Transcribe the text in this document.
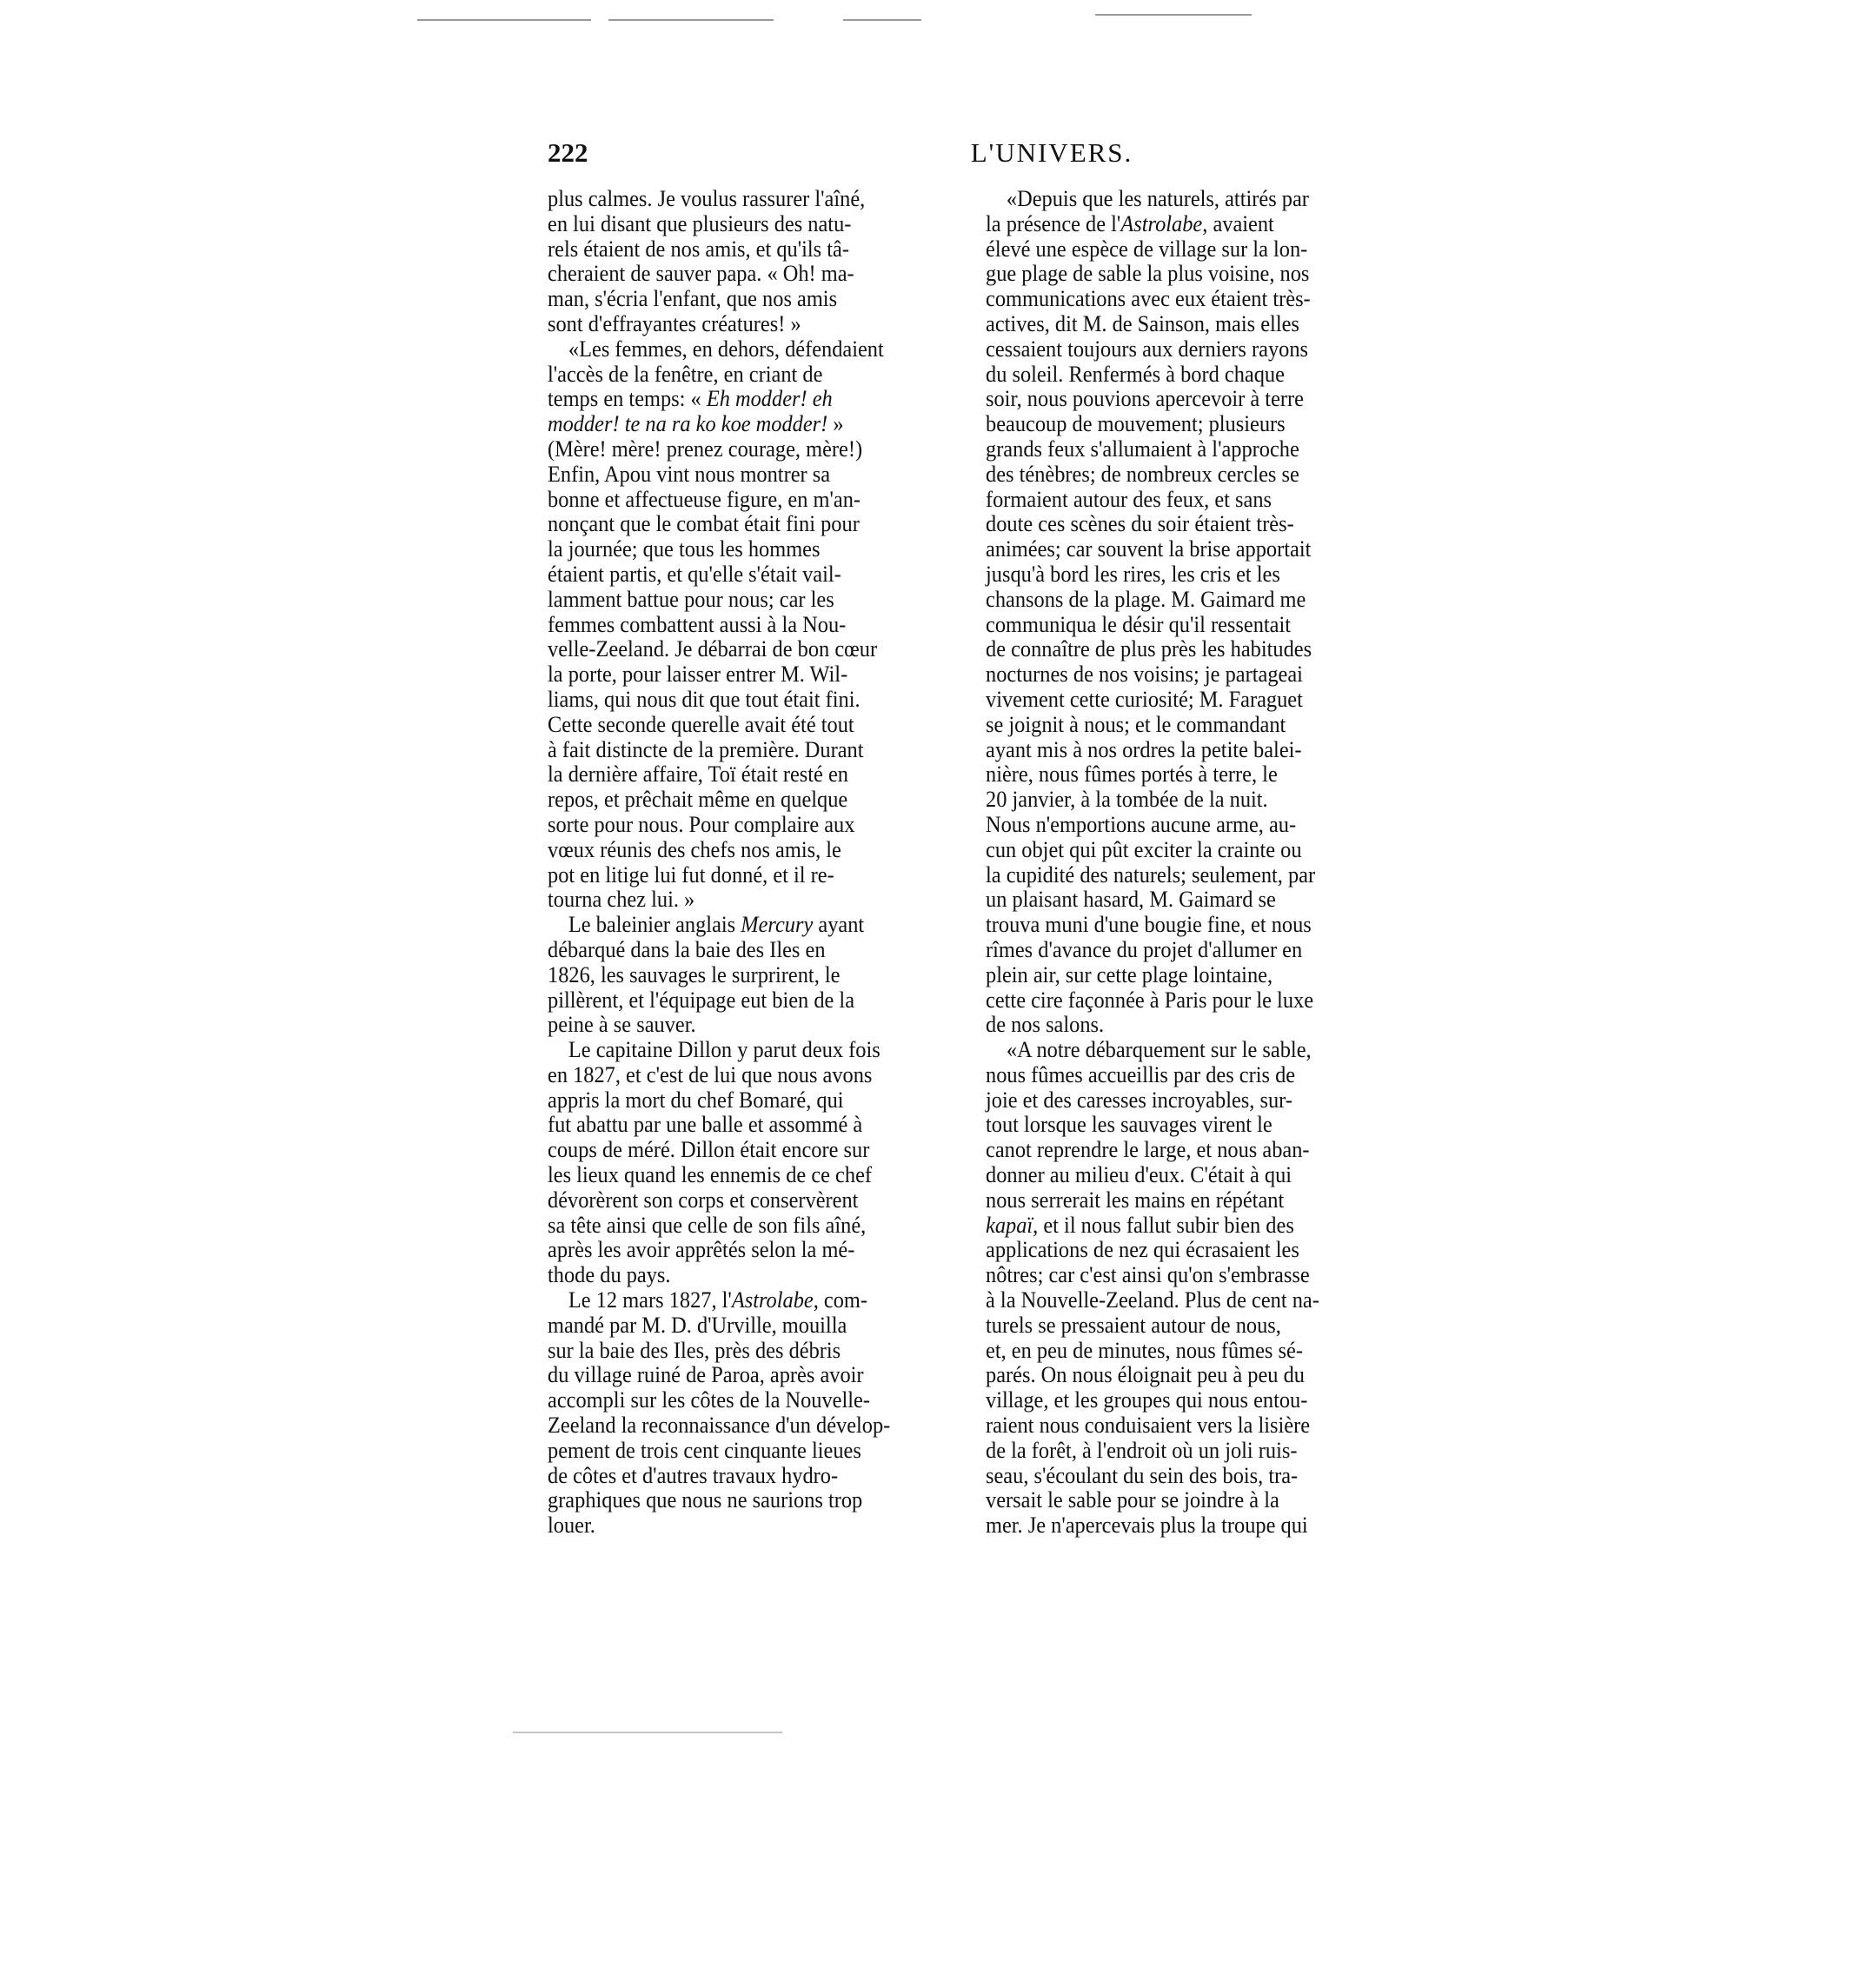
222	L'UNIVERS.
plus calmes. Je voulus rassurer l'aîné,
en lui disant que plusieurs des natu-
rels étaient de nos amis, et qu'ils tâ-
cheraient de sauver papa. « Oh! ma-
man, s'écria l'enfant, que nos amis
sont d'effrayantes créatures! »
«Les femmes, en dehors, défendaient
l'accès de la fenêtre, en criant de
temps en temps: « Eh modder! eh
modder! te na ra ko koe modder! »
(Mère! mère! prenez courage, mère!)
Enfin, Apou vint nous montrer sa
bonne et affectueuse figure, en m'an-
nonçant que le combat était fini pour
la journée; que tous les hommes
étaient partis, et qu'elle s'était vail-
lamment battue pour nous; car les
femmes combattent aussi à la Nou-
velle-Zeeland. Je débarrai de bon cœur
la porte, pour laisser entrer M. Wil-
liams, qui nous dit que tout était fini.
Cette seconde querelle avait été tout
à fait distincte de la première. Durant
la dernière affaire, Toï était resté en
repos, et prêchait même en quelque
sorte pour nous. Pour complaire aux
vœux réunis des chefs nos amis, le
pot en litige lui fut donné, et il re-
tourna chez lui. »
Le baleinier anglais Mercury ayant
débarqué dans la baie des Iles en
1826, les sauvages le surprirent, le
pillèrent, et l'équipage eut bien de la
peine à se sauver.
Le capitaine Dillon y parut deux fois
en 1827, et c'est de lui que nous avons
appris la mort du chef Bomaré, qui
fut abattu par une balle et assommé à
coups de méré. Dillon était encore sur
les lieux quand les ennemis de ce chef
dévorèrent son corps et conservèrent
sa tête ainsi que celle de son fils aîné,
après les avoir apprêtés selon la mé-
thode du pays.
Le 12 mars 1827, l'Astrolabe, com-
mandé par M. D. d'Urville, mouilla
sur la baie des Iles, près des débris
du village ruiné de Paroa, après avoir
accompli sur les côtes de la Nouvelle-
Zeeland la reconnaissance d'un dévelop-
pement de trois cent cinquante lieues
de côtes et d'autres travaux hydro-
graphiques que nous ne saurions trop
louer.
«Depuis que les naturels, attirés par
la présence de l'Astrolabe, avaient
élevé une espèce de village sur la lon-
gue plage de sable la plus voisine, nos
communications avec eux étaient très-
actives, dit M. de Sainson, mais elles
cessaient toujours aux derniers rayons
du soleil. Renfermés à bord chaque
soir, nous pouvions apercevoir à terre
beaucoup de mouvement; plusieurs
grands feux s'allumaient à l'approche
des ténèbres; de nombreux cercles se
formaient autour des feux, et sans
doute ces scènes du soir étaient très-
animées; car souvent la brise apportait
jusqu'à bord les rires, les cris et les
chansons de la plage. M. Gaimard me
communiqua le désir qu'il ressentait
de connaître de plus près les habitudes
nocturnes de nos voisins; je partageai
vivement cette curiosité; M. Faraguet
se joignit à nous; et le commandant
ayant mis à nos ordres la petite balei-
nière, nous fûmes portés à terre, le
20 janvier, à la tombée de la nuit.
Nous n'emportions aucune arme, au-
cun objet qui pût exciter la crainte ou
la cupidité des naturels; seulement, par
un plaisant hasard, M. Gaimard se
trouva muni d'une bougie fine, et nous
rîmes d'avance du projet d'allumer en
plein air, sur cette plage lointaine,
cette cire façonnée à Paris pour le luxe
de nos salons.
«A notre débarquement sur le sable,
nous fûmes accueillis par des cris de
joie et des caresses incroyables, sur-
tout lorsque les sauvages virent le
canot reprendre le large, et nous aban-
donner au milieu d'eux. C'était à qui
nous serrerait les mains en répétant
kapaï, et il nous fallut subir bien des
applications de nez qui écrasaient les
nôtres; car c'est ainsi qu'on s'embrasse
à la Nouvelle-Zeeland. Plus de cent na-
turels se pressaient autour de nous,
et, en peu de minutes, nous fûmes sé-
parés. On nous éloignait peu à peu du
village, et les groupes qui nous entou-
raient nous conduisaient vers la lisière
de la forêt, à l'endroit où un joli ruis-
seau, s'écoulant du sein des bois, tra-
versait le sable pour se joindre à la
mer. Je n'apercevais plus la troupe qui
